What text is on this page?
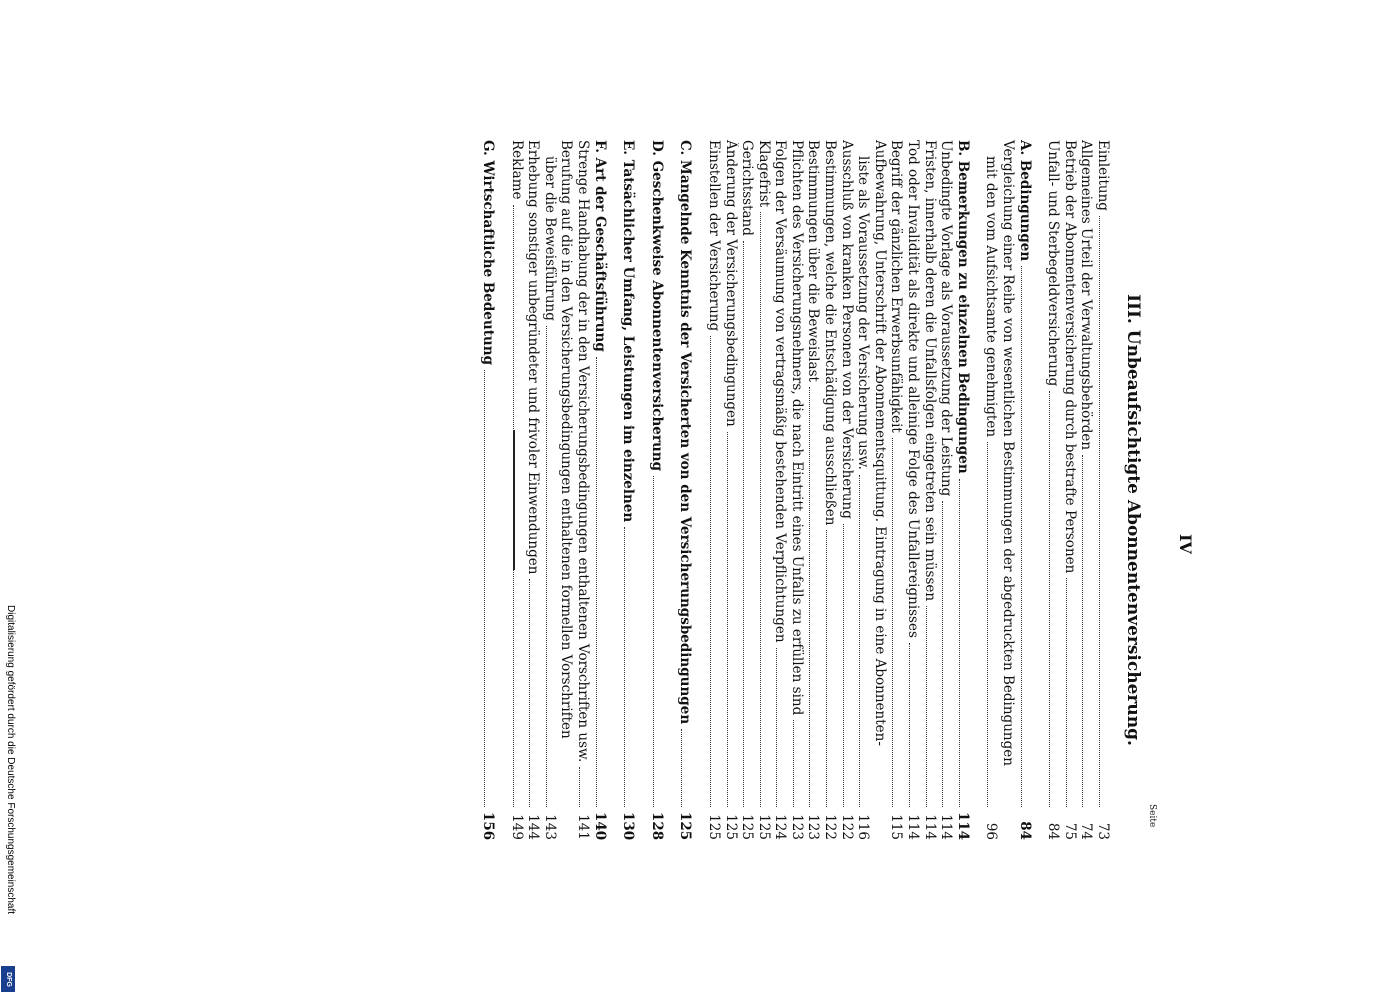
IV
Seite
III. Unbeaufsichtigte Abonnentenversicherung.
Einleitung
73
Allgemeines Urteil der Verwaltungsbehörden
74
Betrieb der Abonnentenversicherung durch bestrafte Personen
75
Unfall- und Sterbegeldversicherung
84
A. Bedingungen
84
Vergleichung einer Reihe von wesentlichen Bestimmungen der abgedruckten Bedingungen
mit den vom Aufsichtsamte genehmigten
96
B. Bemerkungen zu einzelnen Bedingungen
114
Unbedingte Vorlage als Voraussetzung der Leistung
114
Fristen, innerhalb deren die Unfallsfolgen eingetreten sein müssen
114
Tod oder Invalidität als direkte und alleinige Folge des Unfallereignisses
114
Begriff der gänzlichen Erwerbsunfähigkeit
115
Aufbewahrung, Unterschrift der Abonnementsquittung. Eintragung in eine Abonnenten-
liste als Voraussetzung der Versicherung usw.
116
Ausschluß von kranken Personen von der Versicherung
122
Bestimmungen, welche die Entschädigung ausschließen
122
Bestimmungen über die Beweislast
123
Pflichten des Versicherungsnehmers, die nach Eintritt eines Unfalls zu erfüllen sind
123
Folgen der Versäumung von vertragsmäßig bestehenden Verpflichtungen
124
Klagefrist
125
Gerichtsstand
125
Änderung der Versicherungsbedingungen
125
Einstellen der Versicherung
125
C. Mangelnde Kenntnis der Versicherten von den Versicherungsbedingungen
125
D. Geschenkweise Abonnentenversicherung
128
E. Tatsächlicher Umfang, Leistungen im einzelnen
130
F. Art der Geschäftsführung
140
Strenge Handhabung der in den Versicherungsbedingungen enthaltenen Vorschriften usw.
141
Berufung auf die in den Versicherungsbedingungen enthaltenen formellen Vorschriften
über die Beweisführung
143
Erhebung sonstiger unbegründeter und frivoler Einwendungen
144
Reklame
149
G. Wirtschaftliche Bedeutung
156
Digitalisierung gefördert durch die Deutsche Forschungsgemeinschaft
DFG
